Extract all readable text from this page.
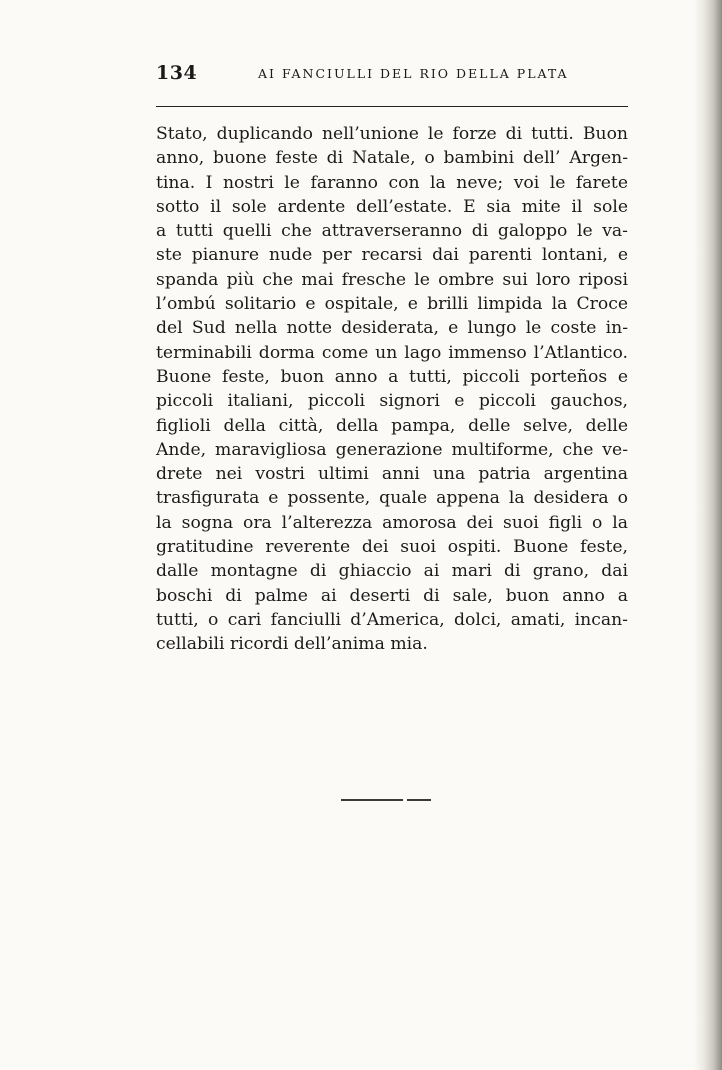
134	AI FANCIULLI DEL RIO DELLA PLATA
Stato, duplicando nell’unione le forze di tutti. Buon
anno, buone feste di Natale, o bambini dell’ Argen-
tina. I nostri le faranno con la neve; voi le farete
sotto il sole ardente dell’estate. E sia mite il sole
a tutti quelli che attraverseranno di galoppo le va-
ste pianure nude per recarsi dai parenti lontani, e
spanda più che mai fresche le ombre sui loro riposi
l’ombú solitario e ospitale, e brilli limpida la Croce
del Sud nella notte desiderata, e lungo le coste in-
terminabili dorma come un lago immenso l’Atlantico.
Buone feste, buon anno a tutti, piccoli porteños e
piccoli italiani, piccoli signori e piccoli gauchos,
figlioli della città, della pampa, delle selve, delle
Ande, maravigliosa generazione multiforme, che ve-
drete nei vostri ultimi anni una patria argentina
trasfigurata e possente, quale appena la desidera o
la sogna ora l’alterezza amorosa dei suoi figli o la
gratitudine reverente dei suoi ospiti. Buone feste,
dalle montagne di ghiaccio ai mari di grano, dai
boschi di palme ai deserti di sale, buon anno a
tutti, o cari fanciulli d’America, dolci, amati, incan-
cellabili ricordi dell’anima mia.
